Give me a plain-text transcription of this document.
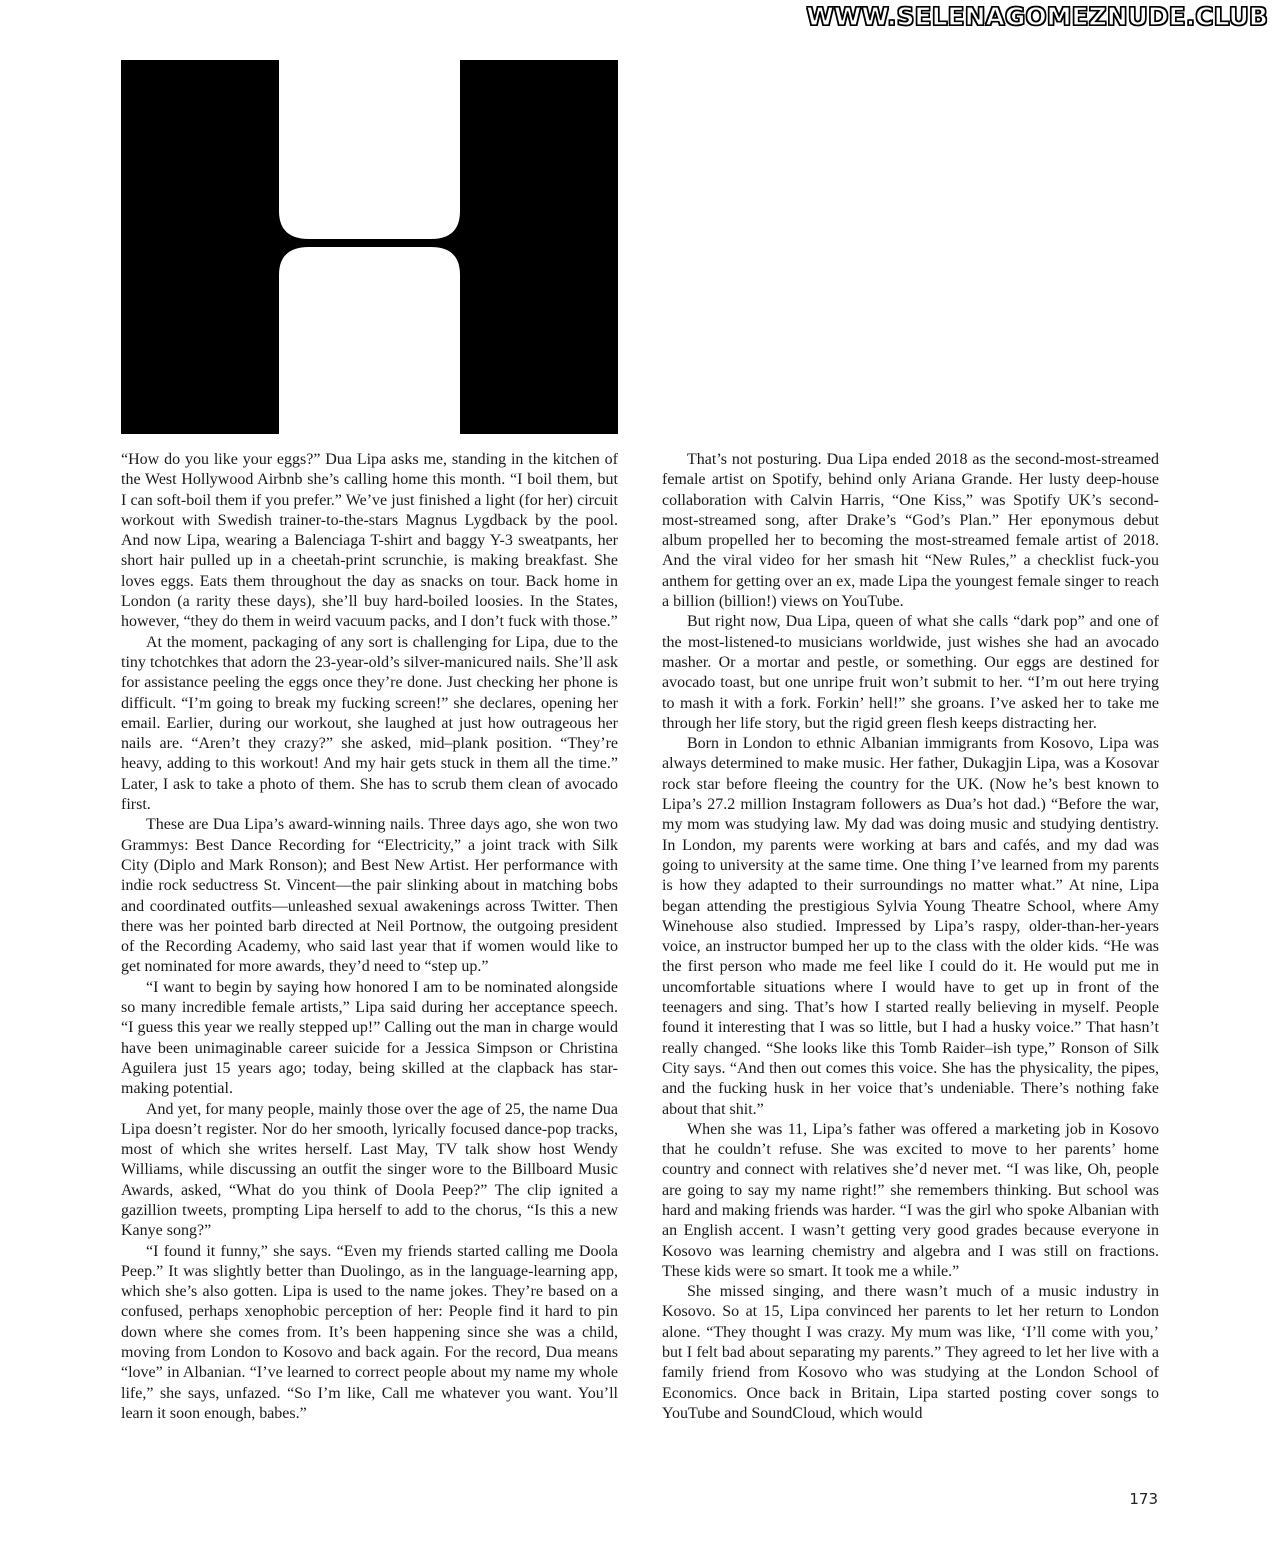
WWW.SELENAGOMEZNUDE.CLUB

“How do you like your eggs?” Dua Lipa asks me, standing in the kitchen of the West Hollywood Airbnb she’s calling home this month. “I boil them, but I can soft-boil them if you prefer.” We’ve just finished a light (for her) circuit workout with Swedish trainer-to-the-stars Magnus Lygdback by the pool. And now Lipa, wearing a Balenciaga T-shirt and baggy Y-3 sweatpants, her short hair pulled up in a cheetah-print scrunchie, is making breakfast. She loves eggs. Eats them throughout the day as snacks on tour. Back home in London (a rarity these days), she’ll buy hard-boiled loosies. In the States, however, “they do them in weird vacuum packs, and I don’t fuck with those.”

At the moment, packaging of any sort is challenging for Lipa, due to the tiny tchotchkes that adorn the 23-year-old’s silver-manicured nails. She’ll ask for assistance peeling the eggs once they’re done. Just checking her phone is difficult. “I’m going to break my fucking screen!” she declares, opening her email. Earlier, during our workout, she laughed at just how outrageous her nails are. “Aren’t they crazy?” she asked, mid–plank position. “They’re heavy, adding to this workout! And my hair gets stuck in them all the time.” Later, I ask to take a photo of them. She has to scrub them clean of avocado first.

These are Dua Lipa’s award-winning nails. Three days ago, she won two Grammys: Best Dance Recording for “Electricity,” a joint track with Silk City (Diplo and Mark Ronson); and Best New Artist. Her performance with indie rock seductress St. Vincent—the pair slinking about in matching bobs and coordinated outfits—unleashed sexual awakenings across Twitter. Then there was her pointed barb directed at Neil Portnow, the outgoing president of the Recording Academy, who said last year that if women would like to get nominated for more awards, they’d need to “step up.”

“I want to begin by saying how honored I am to be nominated alongside so many incredible female artists,” Lipa said during her acceptance speech. “I guess this year we really stepped up!” Calling out the man in charge would have been unimaginable career suicide for a Jessica Simpson or Christina Aguilera just 15 years ago; today, being skilled at the clapback has star-making potential.

And yet, for many people, mainly those over the age of 25, the name Dua Lipa doesn’t register. Nor do her smooth, lyrically focused dance-pop tracks, most of which she writes herself. Last May, TV talk show host Wendy Williams, while discussing an outfit the singer wore to the Billboard Music Awards, asked, “What do you think of Doola Peep?” The clip ignited a gazillion tweets, prompting Lipa herself to add to the chorus, “Is this a new Kanye song?”

“I found it funny,” she says. “Even my friends started calling me Doola Peep.” It was slightly better than Duolingo, as in the language-learning app, which she’s also gotten. Lipa is used to the name jokes. They’re based on a confused, perhaps xenophobic perception of her: People find it hard to pin down where she comes from. It’s been happening since she was a child, moving from London to Kosovo and back again. For the record, Dua means “love” in Albanian. “I’ve learned to correct people about my name my whole life,” she says, unfazed. “So I’m like, Call me whatever you want. You’ll learn it soon enough, babes.”

That’s not posturing. Dua Lipa ended 2018 as the second-most-streamed female artist on Spotify, behind only Ariana Grande. Her lusty deep-house collaboration with Calvin Harris, “One Kiss,” was Spotify UK’s second-most-streamed song, after Drake’s “God’s Plan.” Her eponymous debut album propelled her to becoming the most-streamed female artist of 2018. And the viral video for her smash hit “New Rules,” a checklist fuck-you anthem for getting over an ex, made Lipa the youngest female singer to reach a billion (billion!) views on YouTube.

But right now, Dua Lipa, queen of what she calls “dark pop” and one of the most-listened-to musicians worldwide, just wishes she had an avocado masher. Or a mortar and pestle, or something. Our eggs are destined for avocado toast, but one unripe fruit won’t submit to her. “I’m out here trying to mash it with a fork. Forkin’ hell!” she groans. I’ve asked her to take me through her life story, but the rigid green flesh keeps distracting her.

Born in London to ethnic Albanian immigrants from Kosovo, Lipa was always determined to make music. Her father, Dukagjin Lipa, was a Kosovar rock star before fleeing the country for the UK. (Now he’s best known to Lipa’s 27.2 million Instagram followers as Dua’s hot dad.) “Before the war, my mom was studying law. My dad was doing music and studying dentistry. In London, my parents were working at bars and cafés, and my dad was going to university at the same time. One thing I’ve learned from my parents is how they adapted to their surroundings no matter what.” At nine, Lipa began attending the prestigious Sylvia Young Theatre School, where Amy Winehouse also studied. Impressed by Lipa’s raspy, older-than-her-years voice, an instructor bumped her up to the class with the older kids. “He was the first person who made me feel like I could do it. He would put me in uncomfortable situations where I would have to get up in front of the teenagers and sing. That’s how I started really believing in myself. People found it interesting that I was so little, but I had a husky voice.” That hasn’t really changed. “She looks like this Tomb Raider–ish type,” Ronson of Silk City says. “And then out comes this voice. She has the physicality, the pipes, and the fucking husk in her voice that’s undeniable. There’s nothing fake about that shit.”

When she was 11, Lipa’s father was offered a marketing job in Kosovo that he couldn’t refuse. She was excited to move to her parents’ home country and connect with relatives she’d never met. “I was like, Oh, people are going to say my name right!” she remembers thinking. But school was hard and making friends was harder. “I was the girl who spoke Albanian with an English accent. I wasn’t getting very good grades because everyone in Kosovo was learning chemistry and algebra and I was still on fractions. These kids were so smart. It took me a while.”

She missed singing, and there wasn’t much of a music industry in Kosovo. So at 15, Lipa convinced her parents to let her return to London alone. “They thought I was crazy. My mum was like, ‘I’ll come with you,’ but I felt bad about separating my parents.” They agreed to let her live with a family friend from Kosovo who was studying at the London School of Economics. Once back in Britain, Lipa started posting cover songs to YouTube and SoundCloud, which would

173
